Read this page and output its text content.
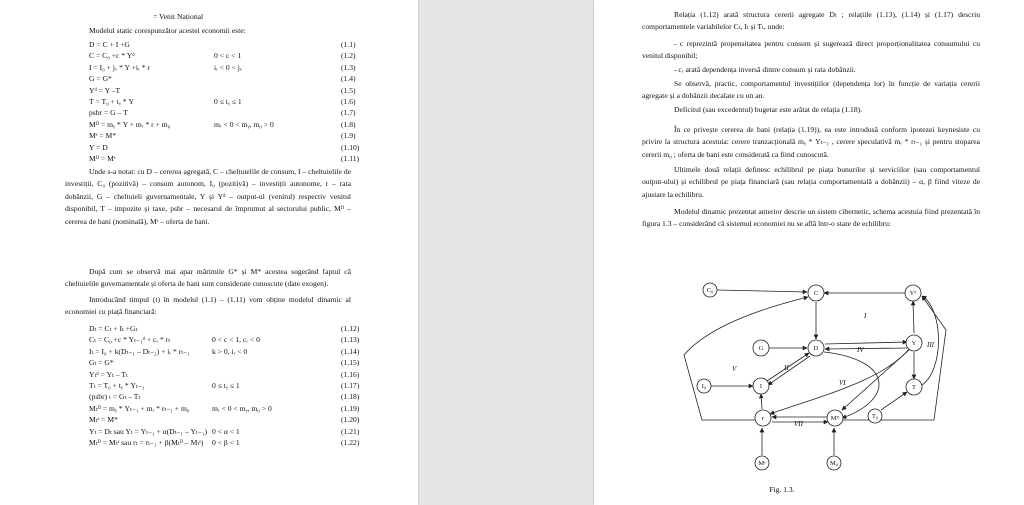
= Venit Național
Modelul static corespunzător acestei economii este:
D = C + I +G	(1.1)
C = C₀ +c * Yᵈ	0 < c < 1	(1.2)
I = I₀ + jᵥ * Y +iᵣ * r	iᵣ < 0 < jᵥ	(1.3)
G = G*	(1.4)
Yᵈ = Y –T	(1.5)
T = T₀ + tᵧ * Y	0 ≤ tᵧ ≤ 1	(1.6)
psbr = G – T	(1.7)
Mᴰ = mᵧ * Y + mᵣ * r + m₀	mᵣ < 0 < mᵧ, m₀ > 0	(1.8)
Mˢ = M*	(1.9)
Y = D	(1.10)
Mᴰ = Mˢ	(1.11)
Unde s-a notat: cu D – cererea agregată, C – cheltuielile de consum, I – cheltuielile de investiții, C₀ (pozitivă) – consum autonom, I₀ (pozitivă) – investiții autonome, r – rata dobânzii, G – cheltuieli guvernamentale, Y și Yᵈ – output-ul (venitul) respectiv venitul disponibil, T – impozite și taxe, psbr – necesarul de împrumut al sectorului public, Mᴰ – cererea de bani (nominală), Mˢ – oferta de bani.
După cum se observă mai apar mărimile G* și M* acestea sugerând faptul că cheltuielile guvernamentale și oferta de bani sunt considerate cunoscute (date exogen).
Introducând timpul (t) în modelul (1.1) – (1.11) vom obține modelul dinamic al economiei cu piață financiară:
Dₜ = Cₜ + Iₜ +Gₜ	(1.12)
Cₜ = C₀ +c * Yₜ₋₁ᵈ + cᵣ * rₜ	0 < c < 1, cᵣ < 0	(1.13)
Iₜ = I₀ + k(Dₜ₋₁ – Dₜ₋₂) + iᵣ * rₜ₋₁	k > 0, iᵣ < 0	(1.14)
Gₜ = G*	(1.15)
Yₜᵈ = Yₜ – Tₜ	(1.16)
Tₜ = T₀ + tᵧ * Yₜ₋₁	0 ≤ tᵧ ≤ 1	(1.17)
(psbr) ₜ = Gₜ – Tₜ	(1.18)
Mₜᴰ = mᵧ * Yₜ₋₁ + mᵣ * rₜ₋₁ + m₀	mᵣ < 0 < mᵧ, m₀ > 0	(1.19)
Mₜˢ = M*	(1.20)
Yₜ = Dₜ sau Yₜ = Yₜ₋₁ + α(Dₜ₋₁ – Yₜ₋₁) 0 < α < 1	(1.21)
Mₜᴰ = Mₜˢ sau rₜ = rₜ₋₁ + β(Mₜᴰ – Mₜˢ) 0 < β < 1	(1.22)
Relația (1.12) arată structura cererii agregate Dₜ ; relațiile (1.13), (1.14) și (1.17) descriu comportamentele variabilelor Cₜ, Iₜ și Tₜ, unde:
- c reprezintă propensitatea pentru consum și sugerează direct proporționalitatea consumului cu venitul disponibil;
- cᵣ arată dependența inversă dintre consum și rata dobânzii.
Se observă, practic, comportamentul investițiilor (dependența lor) în funcție de variația cererii agregate și a dobânzii decalate cu un an.
Deficitul (sau excedentul) bugetar este arătat de relația (1.18).
În ce privește cererea de bani (relația (1.19)), ea este introdusă conform ipotezei keynesiste cu privire la structura acestuia: cerere tranzacțională mᵧ * Yₜ₋₁ , cerere speculativă mᵣ * rₜ₋₁ și pentru stoparea cererii m₀ ; oferta de bani este considerată ca fiind cunoscută.
Ultimele două relații definesc echilibrul pe piața bunurilor și serviciilor (sau comportamentul output-ului) și echilibrul pe piața financiară (sau relația comportamentală a dobânzii) – α, β fiind viteze de ajustare la echilibru.
Modelul dinamic prezentat anterior descrie un sistem cibernetic, schema acestuia fiind prezentată în figura 1.3 – considerând că sistemul economiei nu se află într-o stare de echilibru:
C₀	C	Yᵈ
G	D
Y
I₀	I	T
r	Mᴰ	T₀
Mˢ	M₀
I
II
III
IV
V
VI
VII
Fig. 1.3.
